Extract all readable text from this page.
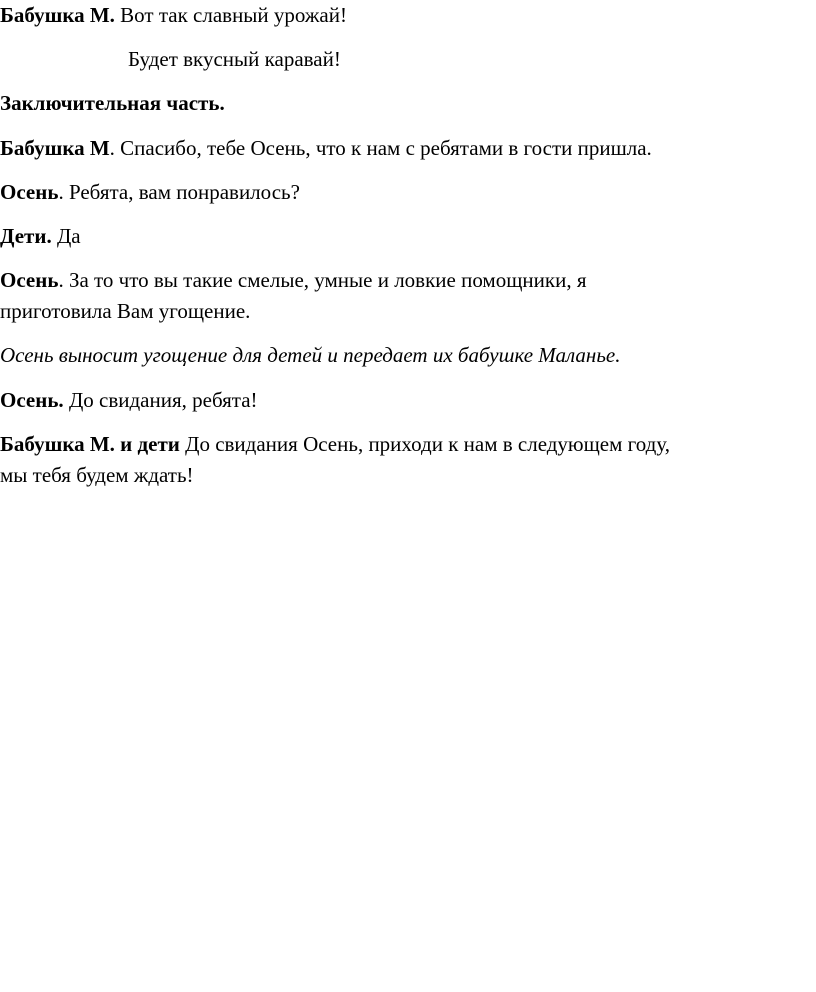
Бабушка М. Вот так славный урожай!
Будет вкусный каравай!
Заключительная часть.
Бабушка М. Спасибо, тебе Осень, что к нам с ребятами в гости пришла.
Осень. Ребята, вам понравилось?
Дети. Да
Осень. За то что вы такие смелые, умные и ловкие помощники, я
приготовила Вам угощение.
Осень выносит угощение для детей и передает их бабушке Маланье.
Осень. До свидания, ребята!
Бабушка М. и дети До свидания Осень, приходи к нам в следующем году,
мы тебя будем ждать!
